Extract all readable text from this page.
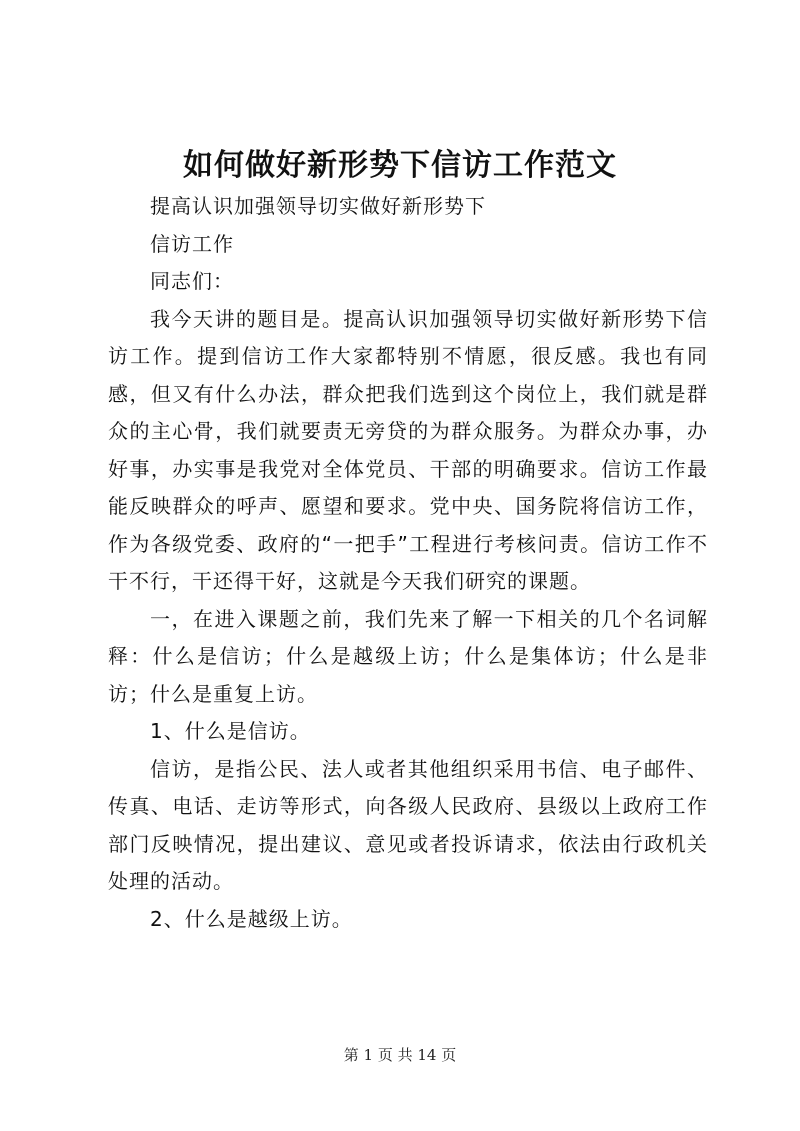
如何做好新形势下信访工作范文

提高认识加强领导切实做好新形势下

信访工作

同志们：

我今天讲的题目是。提高认识加强领导切实做好新形势下信访工作。提到信访工作大家都特别不情愿，很反感。我也有同感，但又有什么办法，群众把我们选到这个岗位上，我们就是群众的主心骨，我们就要责无旁贷的为群众服务。为群众办事，办好事，办实事是我党对全体党员、干部的明确要求。信访工作最能反映群众的呼声、愿望和要求。党中央、国务院将信访工作，作为各级党委、政府的“一把手”工程进行考核问责。信访工作不干不行，干还得干好，这就是今天我们研究的课题。

一，在进入课题之前，我们先来了解一下相关的几个名词解释：什么是信访；什么是越级上访；什么是集体访；什么是非访；什么是重复上访。

1、什么是信访。

信访，是指公民、法人或者其他组织采用书信、电子邮件、传真、电话、走访等形式，向各级人民政府、县级以上政府工作部门反映情况，提出建议、意见或者投诉请求，依法由行政机关处理的活动。

2、什么是越级上访。

第 1 页 共 14 页
